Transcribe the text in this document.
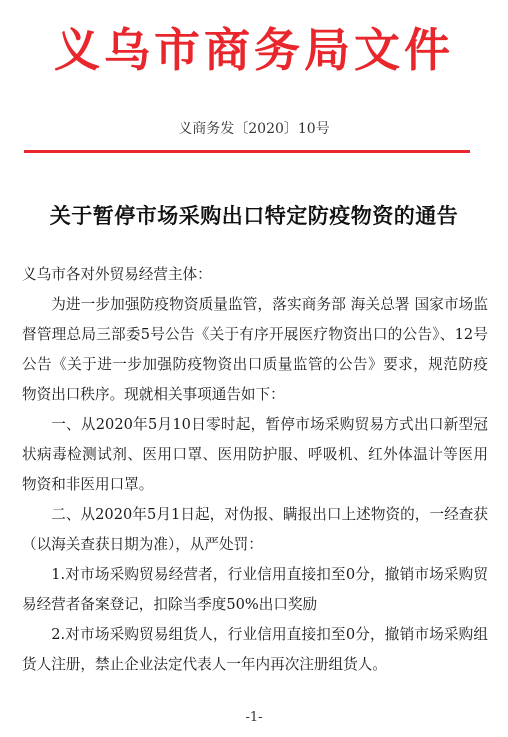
义乌市商务局文件
义商务发〔2020〕10号
关于暂停市场采购出口特定防疫物资的通告

义乌市各对外贸易经营主体：

为进一步加强防疫物资质量监管，落实商务部 海关总署 国家市场监督管理总局三部委5号公告《关于有序开展医疗物资出口的公告》、12号公告《关于进一步加强防疫物资出口质量监管的公告》要求，规范防疫物资出口秩序。现就相关事项通告如下：

一、从2020年5月10日零时起，暂停市场采购贸易方式出口新型冠状病毒检测试剂、医用口罩、医用防护服、呼吸机、红外体温计等医用物资和非医用口罩。

二、从2020年5月1日起，对伪报、瞒报出口上述物资的，一经查获（以海关查获日期为准），从严处罚：

1.对市场采购贸易经营者，行业信用直接扣至0分，撤销市场采购贸易经营者备案登记，扣除当季度50%出口奖励

2.对市场采购贸易组货人，行业信用直接扣至0分，撤销市场采购组货人注册，禁止企业法定代表人一年内再次注册组货人。

-1-
